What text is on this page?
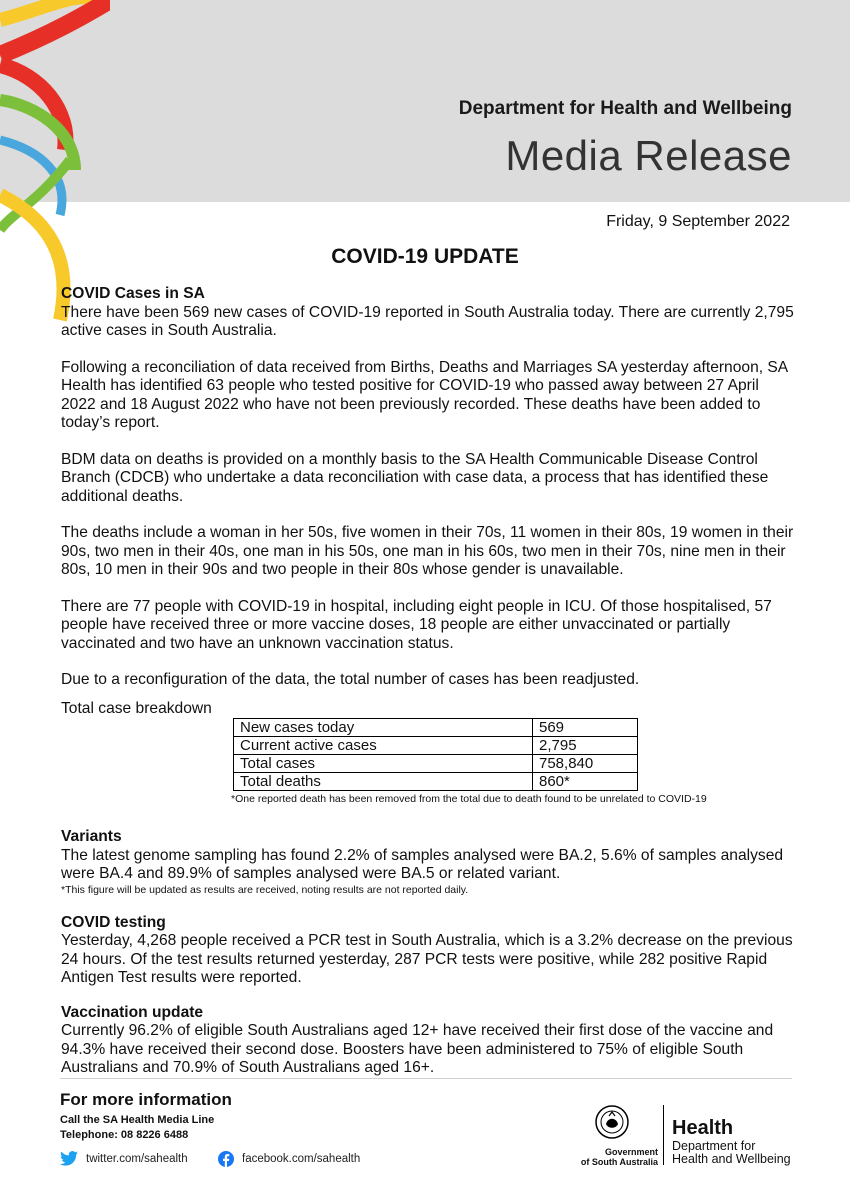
Department for Health and Wellbeing
Media Release
Friday, 9 September 2022
COVID-19 UPDATE
COVID Cases in SA

There have been 569 new cases of COVID-19 reported in South Australia today. There are currently 2,795 active cases in South Australia.

Following a reconciliation of data received from Births, Deaths and Marriages SA yesterday afternoon, SA Health has identified 63 people who tested positive for COVID-19 who passed away between 27 April 2022 and 18 August 2022 who have not been previously recorded. These deaths have been added to today’s report.

BDM data on deaths is provided on a monthly basis to the SA Health Communicable Disease Control Branch (CDCB) who undertake a data reconciliation with case data, a process that has identified these additional deaths.

The deaths include a woman in her 50s, five women in their 70s, 11 women in their 80s, 19 women in their 90s, two men in their 40s, one man in his 50s, one man in his 60s, two men in their 70s, nine men in their 80s, 10 men in their 90s and two people in their 80s whose gender is unavailable.

There are 77 people with COVID-19 in hospital, including eight people in ICU. Of those hospitalised, 57 people have received three or more vaccine doses, 18 people are either unvaccinated or partially vaccinated and two have an unknown vaccination status.

Due to a reconfiguration of the data, the total number of cases has been readjusted.

Total case breakdown
New cases today	569
Current active cases	2,795
Total cases	758,840
Total deaths	860*
*One reported death has been removed from the total due to death found to be unrelated to COVID-19
Variants
The latest genome sampling has found 2.2% of samples analysed were BA.2, 5.6% of samples analysed were BA.4 and 89.9% of samples analysed were BA.5 or related variant.
*This figure will be updated as results are received, noting results are not reported daily.
COVID testing

Yesterday, 4,268 people received a PCR test in South Australia, which is a 3.2% decrease on the previous 24 hours. Of the test results returned yesterday, 287 PCR tests were positive, while 282 positive Rapid Antigen Test results were reported.

Vaccination update
Currently 96.2% of eligible South Australians aged 12+ have received their first dose of the vaccine and 94.3% have received their second dose. Boosters have been administered to 75% of eligible South Australians and 70.9% of South Australians aged 16+.
For more information
Call the SA Health Media Line
Telephone: 08 8226 6488
twitter.com/sahealth	facebook.com/sahealth
Government
of South Australia
Health
Department for
Health and Wellbeing
